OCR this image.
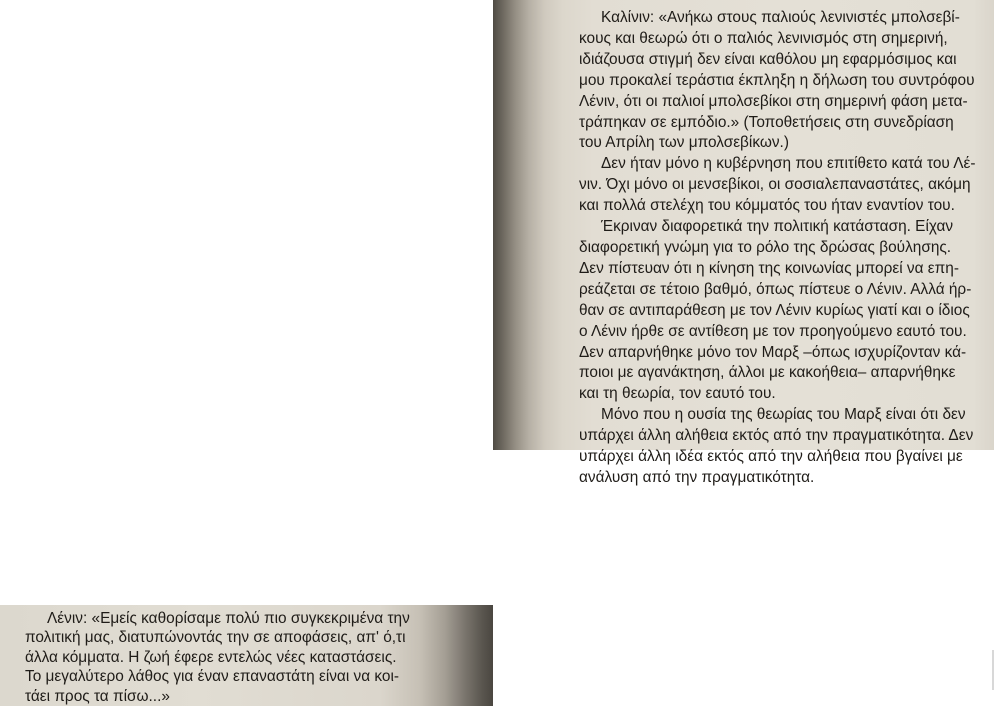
Καλίνιν: «Ανήκω στους παλιούς λενινιστές μπολσεβί-
κους και θεωρώ ότι ο παλιός λενινισμός στη σημερινή,
ιδιάζουσα στιγμή δεν είναι καθόλου μη εφαρμόσιμος και
μου προκαλεί τεράστια έκπληξη η δήλωση του συντρόφου
Λένιν, ότι οι παλιοί μπολσεβίκοι στη σημερινή φάση μετα-
τράπηκαν σε εμπόδιο.» (Τοποθετήσεις στη συνεδρίαση
του Απρίλη των μπολσεβίκων.)

Δεν ήταν μόνο η κυβέρνηση που επιτίθετο κατά του Λέ-
νιν. Όχι μόνο οι μενσεβίκοι, οι σοσιαλεπαναστάτες, ακόμη
και πολλά στελέχη του κόμματός του ήταν εναντίον του.

Έκριναν διαφορετικά την πολιτική κατάσταση. Είχαν
διαφορετική γνώμη για το ρόλο της δρώσας βούλησης.
Δεν πίστευαν ότι η κίνηση της κοινωνίας μπορεί να επη-
ρεάζεται σε τέτοιο βαθμό, όπως πίστευε ο Λένιν. Αλλά ήρ-
θαν σε αντιπαράθεση με τον Λένιν κυρίως γιατί και ο ίδιος
ο Λένιν ήρθε σε αντίθεση με τον προηγούμενο εαυτό του.
Δεν απαρνήθηκε μόνο τον Μαρξ –όπως ισχυρίζονταν κά-
ποιοι με αγανάκτηση, άλλοι με κακοήθεια– απαρνήθηκε
και τη θεωρία, τον εαυτό του.

Μόνο που η ουσία της θεωρίας του Μαρξ είναι ότι δεν
υπάρχει άλλη αλήθεια εκτός από την πραγματικότητα. Δεν
υπάρχει άλλη ιδέα εκτός από την αλήθεια που βγαίνει με
ανάλυση από την πραγματικότητα.

Λένιν: «Εμείς καθορίσαμε πολύ πιο συγκεκριμένα την
πολιτική μας, διατυπώνοντάς την σε αποφάσεις, απ' ό,τι
άλλα κόμματα. Η ζωή έφερε εντελώς νέες καταστάσεις.
Το μεγαλύτερο λάθος για έναν επαναστάτη είναι να κοι-
τάει προς τα πίσω...»
